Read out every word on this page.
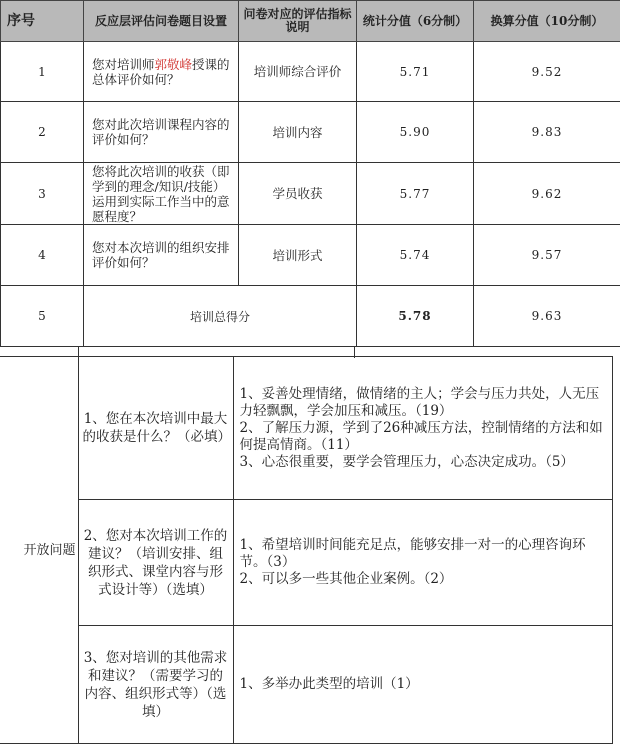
序号	反应层评估问卷题目设置	问卷对应的评估指标说明	统计分值（6分制）	换算分值（10分制）
1	您对培训师郭敬峰授课的总体评价如何？	培训师综合评价	5.71	9.52
2	您对此次培训课程内容的评价如何？	培训内容	5.90	9.83
3	您将此次培训的收获（即学到的理念/知识/技能）运用到实际工作当中的意愿程度？	学员收获	5.77	9.62
4	您对本次培训的组织安排评价如何？	培训形式	5.74	9.57
5	培训总得分		5.78	9.63
开放问题	1、您在本次培训中最大的收获是什么？（必填）	1、妥善处理情绪，做情绪的主人；学会与压力共处，人无压力轻飘飘，学会加压和减压。（19）
2、了解压力源，学到了26种减压方法，控制情绪的方法和如何提高情商。（11）
3、心态很重要，要学会管理压力，心态决定成功。（5）

	2、您对本次培训工作的建议？（培训安排、组织形式、课堂内容与形式设计等）（选填）	1、希望培训时间能充足点，能够安排一对一的心理咨询环节。（3）
2、可以多一些其他企业案例。（2）

	3、您对培训的其他需求和建议？（需要学习的内容、组织形式等）（选填）	1、多举办此类型的培训（1）
